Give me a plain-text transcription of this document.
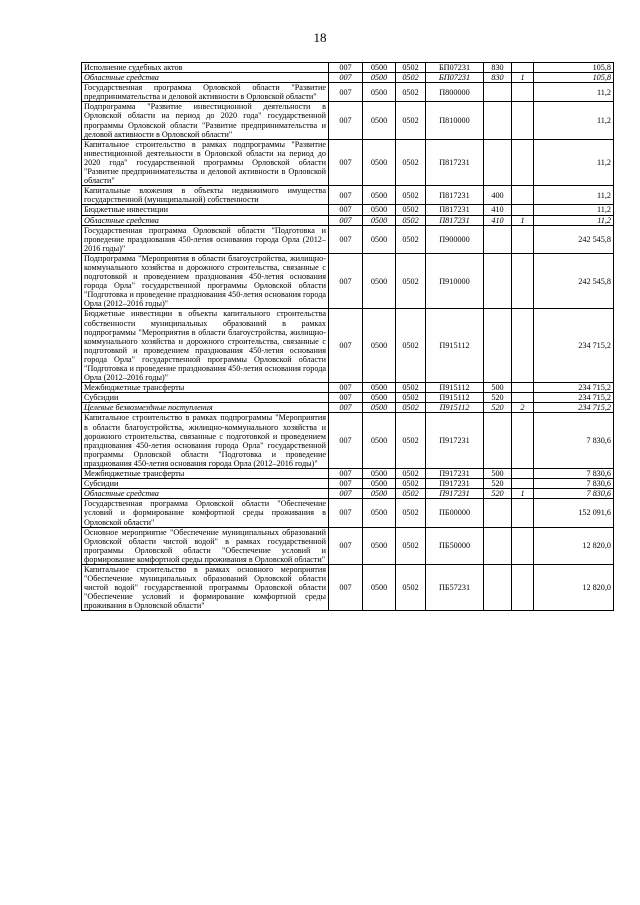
18
Исполнение судебных актов	007	0500	0502	БП07231	830		105,8
Областные средства	007	0500	0502	БП07231	830	1	105,8
Государственная программа Орловской области "Развитие предпринимательства и деловой активности в Орловской области"	007	0500	0502	П800000			11,2
Подпрограмма "Развитие инвестиционной деятельности в Орловской области на период до 2020 года" государственной программы Орловской области "Развитие предпринимательства и деловой активности в Орловской области"	007	0500	0502	П810000			11,2
Капитальное строительство в рамках подпрограммы "Развитие инвестиционной деятельности в Орловской области на период до 2020 года" государственной программы Орловской области "Развитие предпринимательства и деловой активности в Орловской области"	007	0500	0502	П817231			11,2
Капитальные вложения в объекты недвижимого имущества государственной (муниципальной) собственности	007	0500	0502	П817231	400		11,2
Бюджетные инвестиции	007	0500	0502	П817231	410		11,2
Областные средства	007	0500	0502	П817231	410	1	11,2
Государственная программа Орловской области "Подготовка и проведение празднования 450-летия основания города Орла (2012–2016 годы)"	007	0500	0502	П900000			242 545,8
Подпрограмма "Мероприятия в области благоустройства, жилищно-коммунального хозяйства и дорожного строительства, связанные с подготовкой и проведением празднования 450-летия основания города Орла" государственной программы Орловской области "Подготовка и проведение празднования 450-летия основания города Орла (2012–2016 годы)"	007	0500	0502	П910000			242 545,8
Бюджетные инвестиции в объекты капитального строительства собственности муниципальных образований в рамках подпрограммы "Мероприятия в области благоустройства, жилищно-коммунального хозяйства и дорожного строительства, связанные с подготовкой и проведением празднования 450-летия основания города Орла" государственной программы Орловской области "Подготовка и проведение празднования 450-летия основания города Орла (2012–2016 годы)"	007	0500	0502	П915112			234 715,2
Межбюджетные трансферты	007	0500	0502	П915112	500		234 715,2
Субсидии	007	0500	0502	П915112	520		234 715,2
Целевые безвозмездные поступления	007	0500	0502	П915112	520	2	234 715,2
Капитальное строительство в рамках подпрограммы "Мероприятия в области благоустройства, жилищно-коммунального хозяйства и дорожного строительства, связанные с подготовкой и проведением празднования 450-летия основания города Орла" государственной программы Орловской области "Подготовка и проведение празднования 450-летия основания города Орла (2012–2016 годы)"	007	0500	0502	П917231			7 830,6
Межбюджетные трансферты	007	0500	0502	П917231	500		7 830,6
Субсидии	007	0500	0502	П917231	520		7 830,6
Областные средства	007	0500	0502	П917231	520	1	7 830,6
Государственная программа Орловской области "Обеспечение условий и формирование комфортной среды проживания в Орловской области"	007	0500	0502	ПБ00000			152 091,6
Основное мероприятие "Обеспечение муниципальных образований Орловской области чистой водой" в рамках государственной программы Орловской области "Обеспечение условий и формирование комфортной среды проживания в Орловской области"	007	0500	0502	ПБ50000			12 820,0
Капитальное строительство в рамках основного мероприятия "Обеспечение муниципальных образований Орловской области чистой водой" государственной программы Орловской области "Обеспечение условий и формирование комфортной среды проживания в Орловской области"	007	0500	0502	ПБ57231			12 820,0
